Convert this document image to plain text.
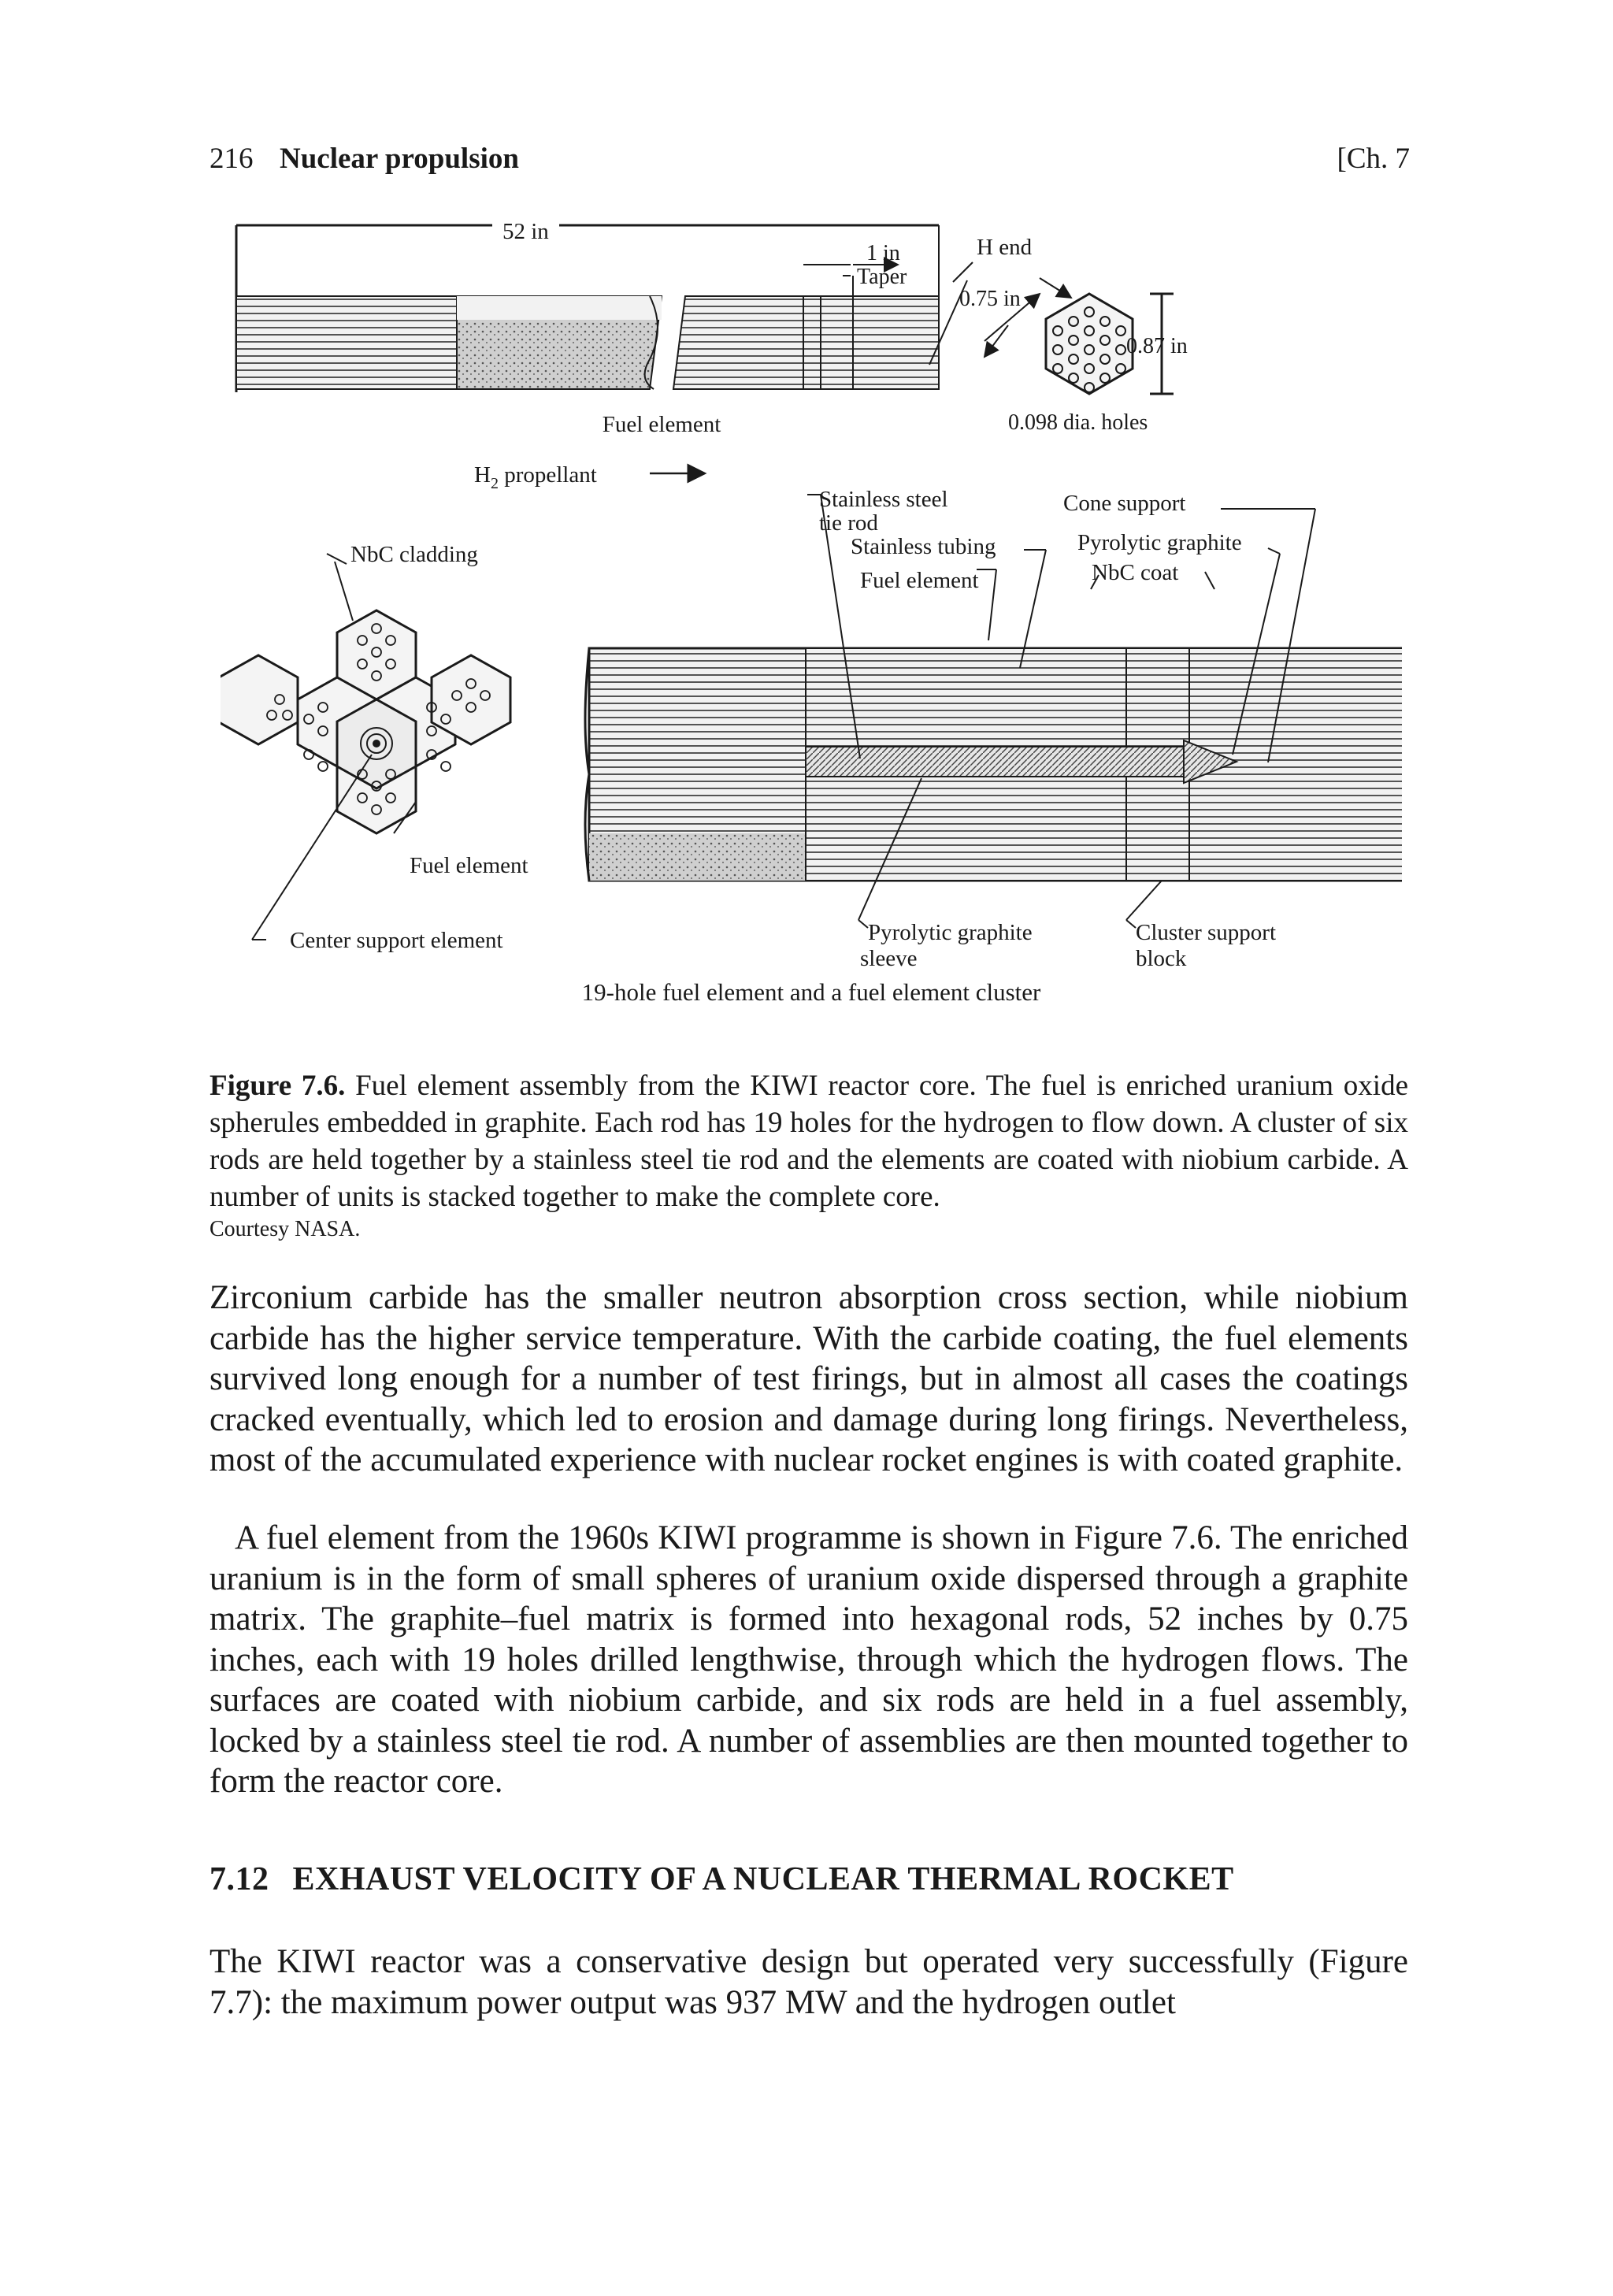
216 Nuclear propulsion	[Ch. 7
52 in
1 in
Taper
Fuel element
H end
0.75 in
0.87 in
0.098 dia. holes
$H_2$ propellant
NbC cladding
Fuel element
Center support element
Stainless steel
tie rod
Cone support
Stainless tubing
Fuel element
Pyrolytic graphite
NbC coat
Pyrolytic graphite
sleeve
Cluster support
block
19-hole fuel element and a fuel element cluster
Figure 7.6. Fuel element assembly from the KIWI reactor core. The fuel is enriched uranium oxide spherules embedded in graphite. Each rod has 19 holes for the hydrogen to flow down. A cluster of six rods are held together by a stainless steel tie rod and the elements are coated with niobium carbide. A number of units is stacked together to make the complete core.
Courtesy NASA.

Zirconium carbide has the smaller neutron absorption cross section, while niobium carbide has the higher service temperature. With the carbide coating, the fuel elements survived long enough for a number of test firings, but in almost all cases the coatings cracked eventually, which led to erosion and damage during long firings. Nevertheless, most of the accumulated experience with nuclear rocket engines is with coated graphite.

A fuel element from the 1960s KIWI programme is shown in Figure 7.6. The enriched uranium is in the form of small spheres of uranium oxide dispersed through a graphite matrix. The graphite–fuel matrix is formed into hexagonal rods, 52 inches by 0.75 inches, each with 19 holes drilled lengthwise, through which the hydrogen flows. The surfaces are coated with niobium carbide, and six rods are held in a fuel assembly, locked by a stainless steel tie rod. A number of assemblies are then mounted together to form the reactor core.

7.12 EXHAUST VELOCITY OF A NUCLEAR THERMAL ROCKET

The KIWI reactor was a conservative design but operated very successfully (Figure 7.7): the maximum power output was 937 MW and the hydrogen outlet
